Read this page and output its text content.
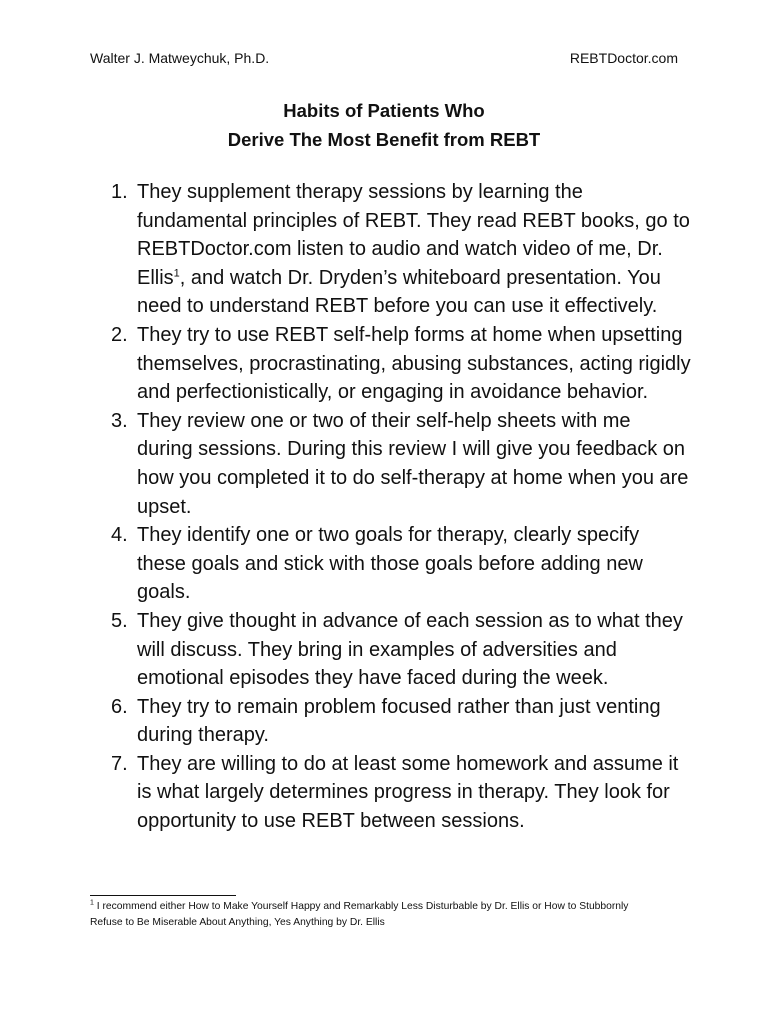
Walter J. Matweychuk, Ph.D.	REBTDoctor.com
Habits of Patients Who
Derive The Most Benefit from REBT
1. They supplement therapy sessions by learning the fundamental principles of REBT. They read REBT books, go to REBTDoctor.com listen to audio and watch video of me, Dr. Ellis$^1$, and watch Dr. Dryden’s whiteboard presentation. You need to understand REBT before you can use it effectively.
2. They try to use REBT self-help forms at home when upsetting themselves, procrastinating, abusing substances, acting rigidly and perfectionistically, or engaging in avoidance behavior.
3. They review one or two of their self-help sheets with me during sessions. During this review I will give you feedback on how you completed it to do self-therapy at home when you are upset.
4. They identify one or two goals for therapy, clearly specify these goals and stick with those goals before adding new goals.
5. They give thought in advance of each session as to what they will discuss. They bring in examples of adversities and emotional episodes they have faced during the week.
6. They try to remain problem focused rather than just venting during therapy.
7. They are willing to do at least some homework and assume it is what largely determines progress in therapy. They look for opportunity to use REBT between sessions.
$^1$ I recommend either How to Make Yourself Happy and Remarkably Less Disturbable by Dr. Ellis or How to Stubbornly Refuse to Be Miserable About Anything, Yes Anything by Dr. Ellis
